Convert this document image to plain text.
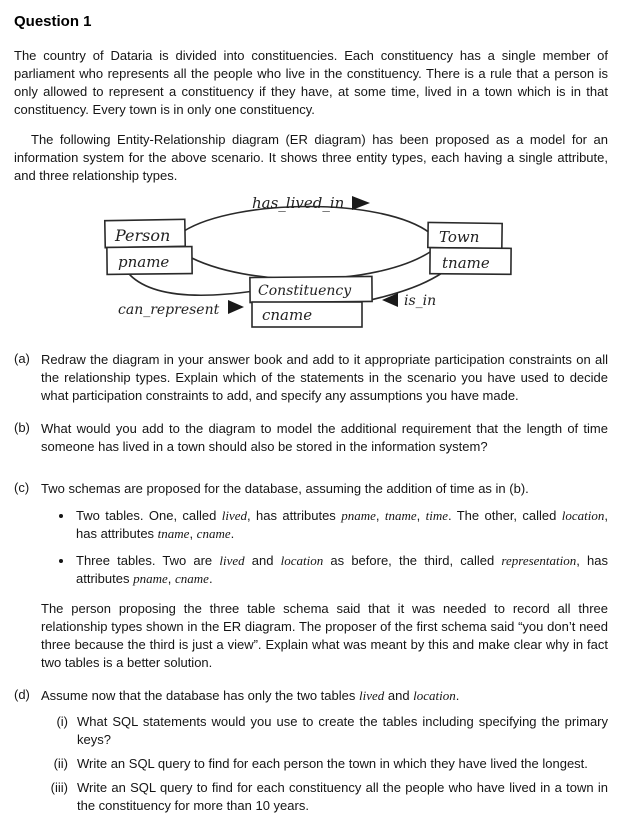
Question 1

The country of Dataria is divided into constituencies. Each constituency has a single member of parliament who represents all the people who live in the constituency. There is a rule that a person is only allowed to represent a constituency if they have, at some time, lived in a town which is in that constituency. Every town is in only one constituency.

The following Entity-Relationship diagram (ER diagram) has been proposed as a model for an information system for the above scenario. It shows three entity types, each having a single attribute, and three relationship types.

Person
pname
Town
tname
Constituency
cname
has_lived_in
can_represent
is_in
(a) Redraw the diagram in your answer book and add to it appropriate participation constraints on all the relationship types. Explain which of the statements in the scenario you have used to decide what participation constraints to add, and specify any assumptions you have made.
(b) What would you add to the diagram to model the additional requirement that the length of time someone has lived in a town should also be stored in the information system?
(c) Two schemas are proposed for the database, assuming the addition of time as in (b).
• Two tables. One, called lived, has attributes pname, tname, time. The other, called location, has attributes tname, cname.
• Three tables. Two are lived and location as before, the third, called representation, has attributes pname, cname.
The person proposing the three table schema said that it was needed to record all three relationship types shown in the ER diagram. The proposer of the first schema said “you don’t need three because the third is just a view”. Explain what was meant by this and make clear why in fact two tables is a better solution.
(d) Assume now that the database has only the two tables lived and location.
(i) What SQL statements would you use to create the tables including specifying the primary keys?
(ii) Write an SQL query to find for each person the town in which they have lived the longest.
(iii) Write an SQL query to find for each constituency all the people who have lived in a town in the constituency for more than 10 years.
